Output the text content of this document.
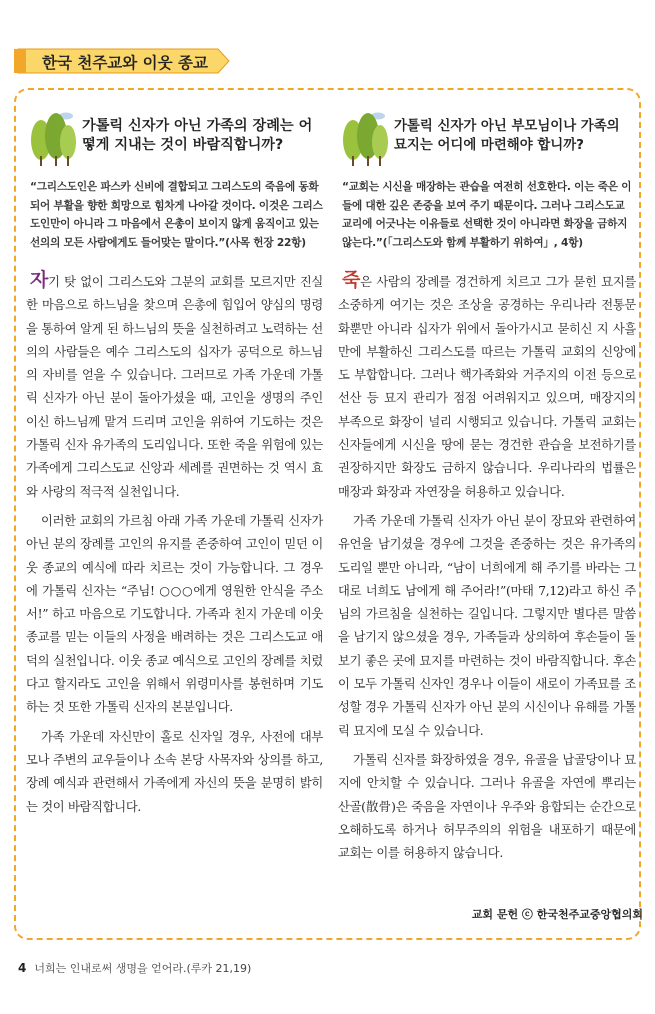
한국 천주교와 이웃 종교
가톨릭 신자가 아닌 가족의 장례는 어떻게 지내는 것이 바람직합니까?

“그리스도인은 파스카 신비에 결합되고 그리스도의 죽음에 동화되어 부활을 향한 희망으로 힘차게 나아갈 것이다. 이것은 그리스도인만이 아니라 그 마음에서 은총이 보이지 않게 움직이고 있는 선의의 모든 사람에게도 들어맞는 말이다.”(사목 헌장 22항)

자기 탓 없이 그리스도와 그분의 교회를 모르지만 진실한 마음으로 하느님을 찾으며 은총에 힘입어 양심의 명령을 통하여 알게 된 하느님의 뜻을 실천하려고 노력하는 선의의 사람들은 예수 그리스도의 십자가 공덕으로 하느님의 자비를 얻을 수 있습니다. 그러므로 가족 가운데 가톨릭 신자가 아닌 분이 돌아가셨을 때, 고인을 생명의 주인이신 하느님께 맡겨 드리며 고인을 위하여 기도하는 것은 가톨릭 신자 유가족의 도리입니다. 또한 죽을 위험에 있는 가족에게 그리스도교 신앙과 세례를 권면하는 것 역시 효와 사랑의 적극적 실천입니다.

이러한 교회의 가르침 아래 가족 가운데 가톨릭 신자가 아닌 분의 장례를 고인의 유지를 존중하여 고인이 믿던 이웃 종교의 예식에 따라 치르는 것이 가능합니다. 그 경우에 가톨릭 신자는 “주님! ○○○에게 영원한 안식을 주소서!” 하고 마음으로 기도합니다. 가족과 친지 가운데 이웃 종교를 믿는 이들의 사정을 배려하는 것은 그리스도교 애덕의 실천입니다. 이웃 종교 예식으로 고인의 장례를 치렀다고 할지라도 고인을 위해서 위령미사를 봉헌하며 기도하는 것 또한 가톨릭 신자의 본분입니다.

가족 가운데 자신만이 홀로 신자일 경우, 사전에 대부모나 주변의 교우들이나 소속 본당 사목자와 상의를 하고, 장례 예식과 관련해서 가족에게 자신의 뜻을 분명히 밝히는 것이 바람직합니다.

가톨릭 신자가 아닌 부모님이나 가족의 묘지는 어디에 마련해야 합니까?

“교회는 시신을 매장하는 관습을 여전히 선호한다. 이는 죽은 이들에 대한 깊은 존중을 보여 주기 때문이다. 그러나 그리스도교 교리에 어긋나는 이유들로 선택한 것이 아니라면 화장을 금하지 않는다.”(「그리스도와 함께 부활하기 위하여」, 4항)

죽은 사람의 장례를 경건하게 치르고 그가 묻힌 묘지를 소중하게 여기는 것은 조상을 공경하는 우리나라 전통문화뿐만 아니라 십자가 위에서 돌아가시고 묻히신 지 사흘 만에 부활하신 그리스도를 따르는 가톨릭 교회의 신앙에도 부합합니다. 그러나 핵가족화와 거주지의 이전 등으로 선산 등 묘지 관리가 점점 어려워지고 있으며, 매장지의 부족으로 화장이 널리 시행되고 있습니다. 가톨릭 교회는 신자들에게 시신을 땅에 묻는 경건한 관습을 보전하기를 권장하지만 화장도 금하지 않습니다. 우리나라의 법률은 매장과 화장과 자연장을 허용하고 있습니다.

가족 가운데 가톨릭 신자가 아닌 분이 장묘와 관련하여 유언을 남기셨을 경우에 그것을 존중하는 것은 유가족의 도리일 뿐만 아니라, “남이 너희에게 해 주기를 바라는 그대로 너희도 남에게 해 주어라!”(마태 7,12)라고 하신 주님의 가르침을 실천하는 길입니다. 그렇지만 별다른 말씀을 남기지 않으셨을 경우, 가족들과 상의하여 후손들이 돌보기 좋은 곳에 묘지를 마련하는 것이 바람직합니다. 후손이 모두 가톨릭 신자인 경우나 이들이 새로이 가족묘를 조성할 경우 가톨릭 신자가 아닌 분의 시신이나 유해를 가톨릭 묘지에 모실 수 있습니다.

가톨릭 신자를 화장하였을 경우, 유골을 납골당이나 묘지에 안치할 수 있습니다. 그러나 유골을 자연에 뿌리는 산골(散骨)은 죽음을 자연이나 우주와 융합되는 순간으로 오해하도록 하거나 허무주의의 위험을 내포하기 때문에 교회는 이를 허용하지 않습니다.

교회 문헌 ⓒ 한국천주교중앙협의회
4 너희는 인내로써 생명을 얻어라.(루카 21,19)
